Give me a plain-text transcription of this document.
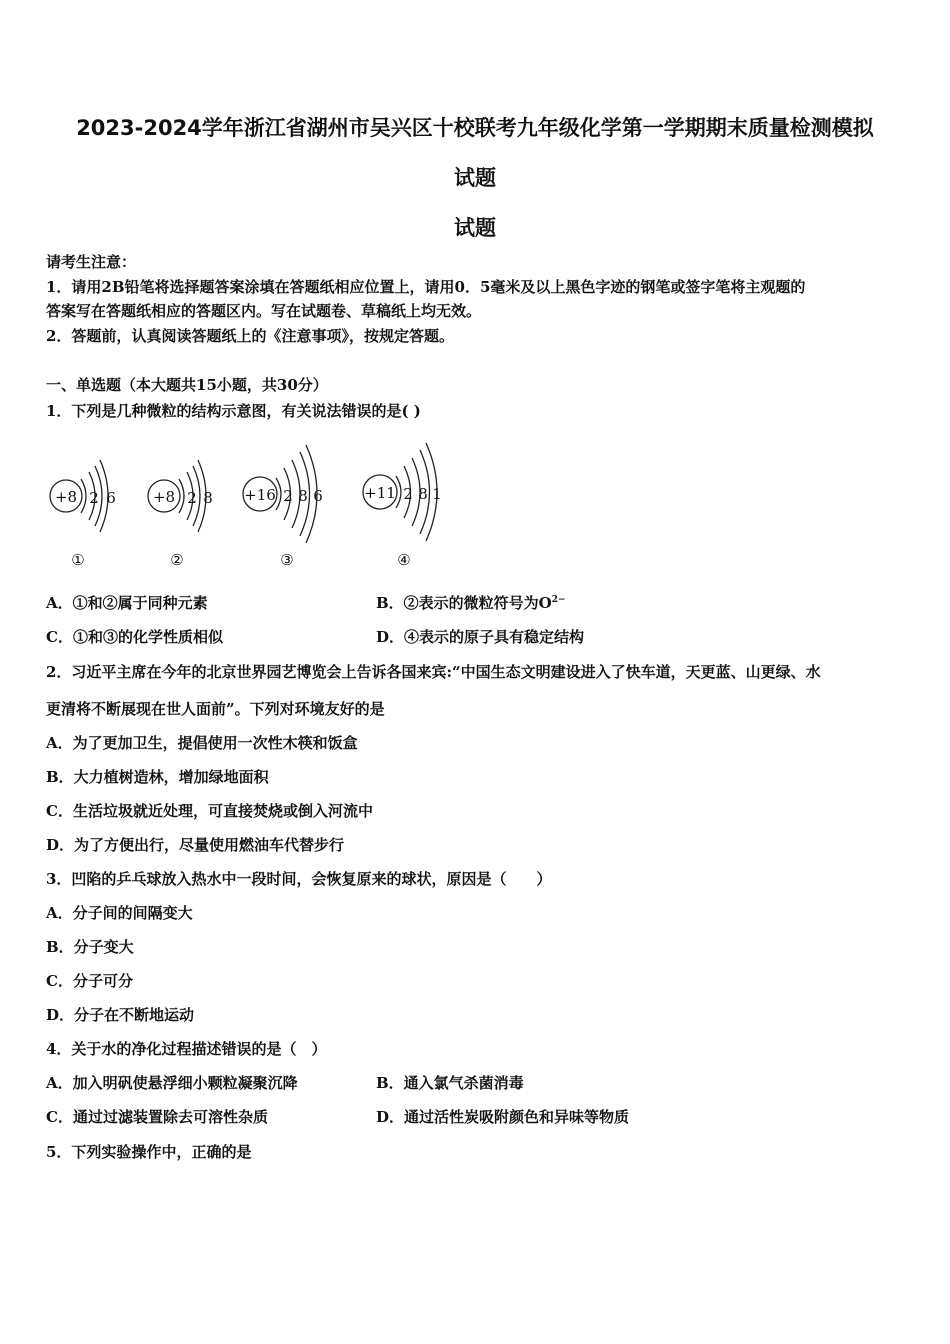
2023-2024学年浙江省湖州市吴兴区十校联考九年级化学第一学期期末质量检测模拟
试题
试题
请考生注意：
1．请用2B铅笔将选择题答案涂填在答题纸相应位置上，请用0．5毫米及以上黑色字迹的钢笔或签字笔将主观题的
答案写在答题纸相应的答题区内。写在试题卷、草稿纸上均无效。
2．答题前，认真阅读答题纸上的《注意事项》，按规定答题。
一、单选题（本大题共15小题，共30分）
1．下列是几种微粒的结构示意图，有关说法错误的是( )
+8 2 6
①
+8 2 8
②
+16 2 8 6
③
+11 2 8 1
④
A．①和②属于同种元素	B．②表示的微粒符号为$O^{2-}$
C．①和③的化学性质相似	D．④表示的原子具有稳定结构
2．习近平主席在今年的北京世界园艺博览会上告诉各国来宾:“中国生态文明建设进入了快车道，天更蓝、山更绿、水
更清将不断展现在世人面前”。下列对环境友好的是
A．为了更加卫生，提倡使用一次性木筷和饭盒
B．大力植树造林，增加绿地面积
C．生活垃圾就近处理，可直接焚烧或倒入河流中
D．为了方便出行，尽量使用燃油车代替步行
3．凹陷的乒乓球放入热水中一段时间，会恢复原来的球状，原因是（　　）
A．分子间的间隔变大
B．分子变大
C．分子可分
D．分子在不断地运动
4．关于水的净化过程描述错误的是（　）
A．加入明矾使悬浮细小颗粒凝聚沉降	B．通入氯气杀菌消毒
C．通过过滤装置除去可溶性杂质	D．通过活性炭吸附颜色和异味等物质
5．下列实验操作中，正确的是
